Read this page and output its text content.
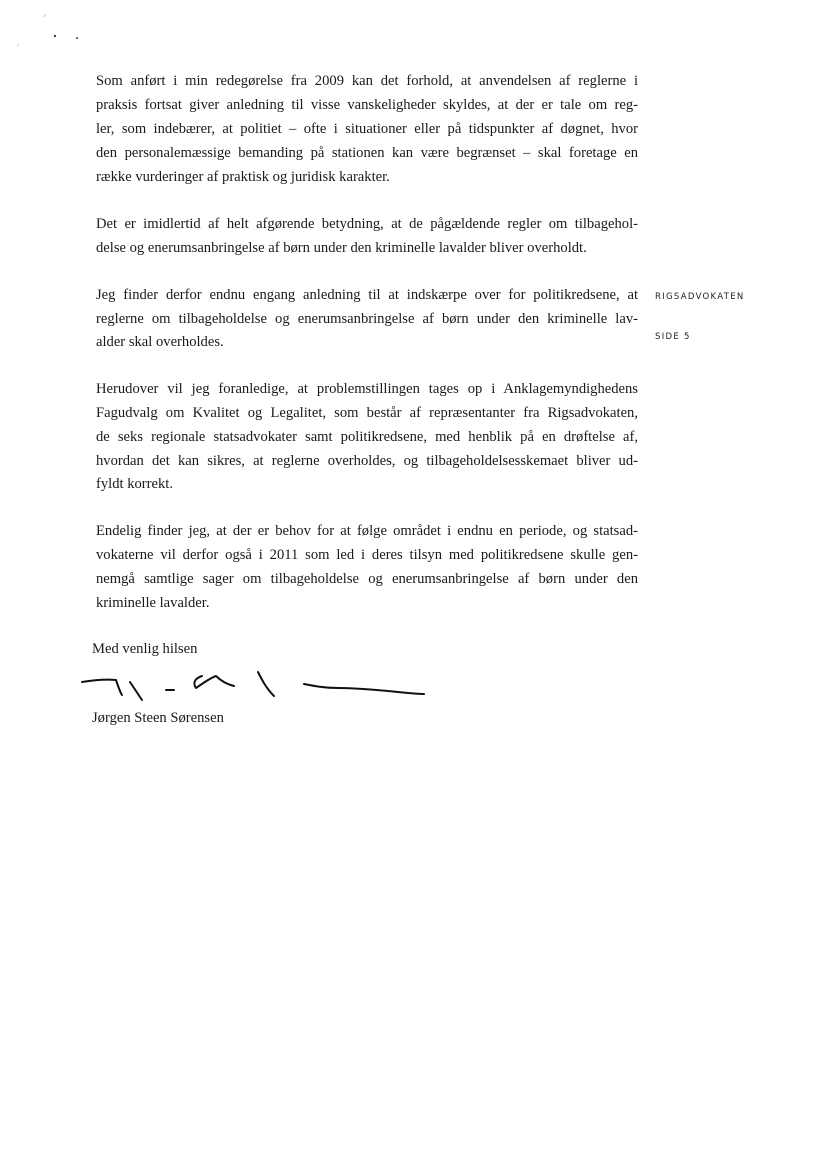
Som anført i min redegørelse fra 2009 kan det forhold, at anvendelsen af reglerne i
praksis fortsat giver anledning til visse vanskeligheder skyldes, at der er tale om reg-
ler, som indebærer, at politiet – ofte i situationer eller på tidspunkter af døgnet, hvor
den personalemæssige bemanding på stationen kan være begrænset – skal foretage en
række vurderinger af praktisk og juridisk karakter.
Det er imidlertid af helt afgørende betydning, at de pågældende regler om tilbagehol-
delse og enerumsanbringelse af børn under den kriminelle lavalder bliver overholdt.
Jeg finder derfor endnu engang anledning til at indskærpe over for politikredsene, at
reglerne om tilbageholdelse og enerumsanbringelse af børn under den kriminelle lav-
alder skal overholdes.
RIGSADVOKATEN
SIDE 5
Herudover vil jeg foranledige, at problemstillingen tages op i Anklagemyndighedens
Fagudvalg om Kvalitet og Legalitet, som består af repræsentanter fra Rigsadvokaten,
de seks regionale statsadvokater samt politikredsene, med henblik på en drøftelse af,
hvordan det kan sikres, at reglerne overholdes, og tilbageholdelsesskemaet bliver ud-
fyldt korrekt.
Endelig finder jeg, at der er behov for at følge området i endnu en periode, og statsad-
vokaterne vil derfor også i 2011 som led i deres tilsyn med politikredsene skulle gen-
nemgå samtlige sager om tilbageholdelse og enerumsanbringelse af børn under den
kriminelle lavalder.
Med venlig hilsen
Jørgen Steen Sørensen
